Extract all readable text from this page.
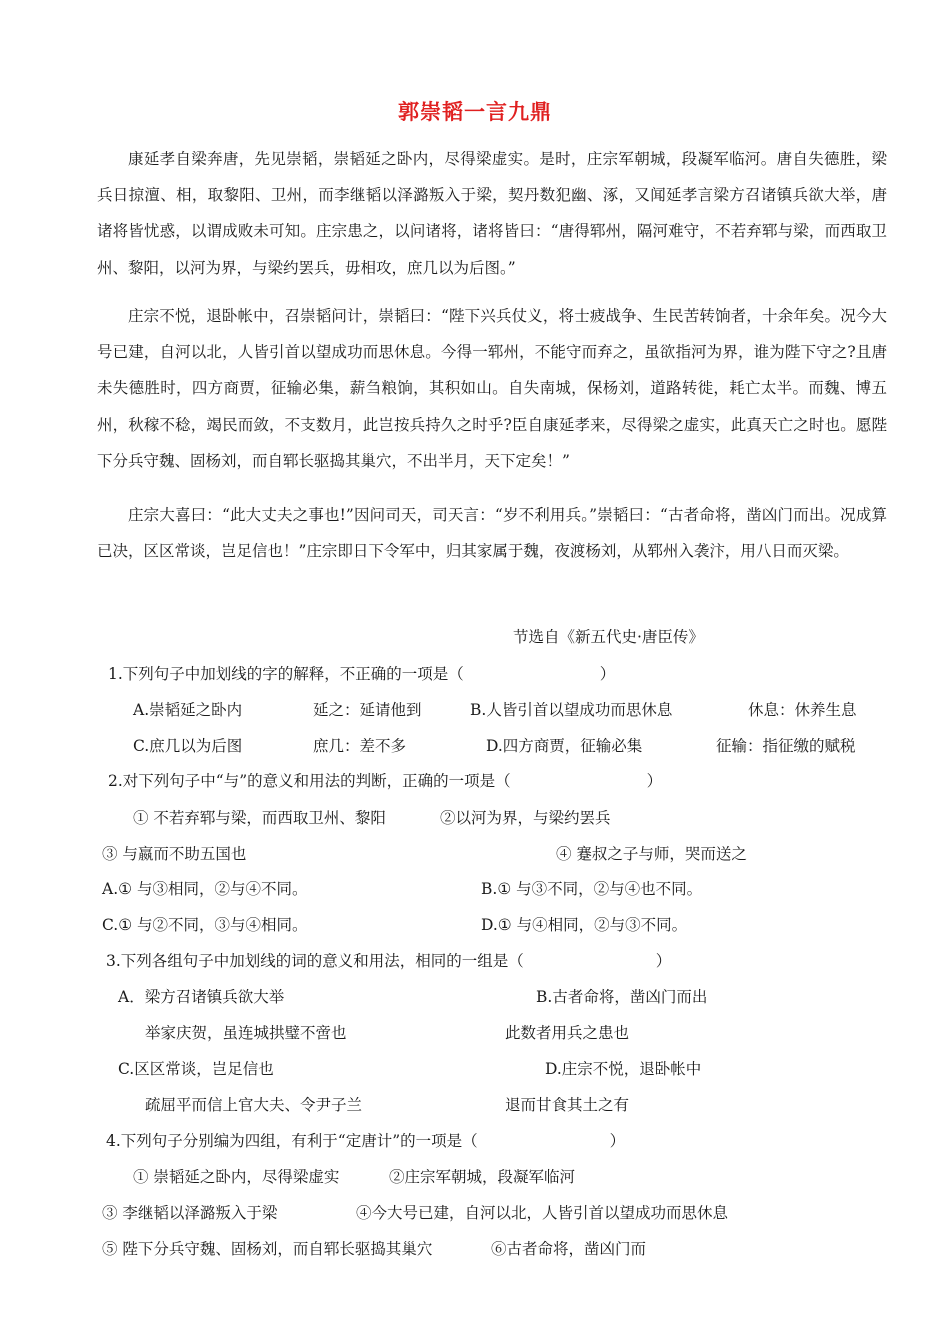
郭崇韬一言九鼎

康延孝自梁奔唐，先见崇韬，崇韬延之卧内，尽得梁虚实。是时，庄宗军朝城，段凝军临河。唐自失德胜，梁兵日掠澶、相，取黎阳、卫州，而李继韬以泽潞叛入于梁，契丹数犯幽、涿，又闻延孝言梁方召诸镇兵欲大举，唐诸将皆忧惑，以谓成败未可知。庄宗患之，以问诸将，诸将皆曰：“唐得郓州，隔河难守，不若弃郓与梁，而西取卫州、黎阳，以河为界，与梁约罢兵，毋相攻，庶几以为后图。”

庄宗不悦，退卧帐中，召崇韬问计，崇韬曰：“陛下兴兵仗义，将士疲战争、生民苦转饷者，十余年矣。况今大号已建，自河以北，人皆引首以望成功而思休息。今得一郓州，不能守而弃之，虽欲指河为界，谁为陛下守之?且唐未失德胜时，四方商贾，征输必集，薪刍粮饷，其积如山。自失南城，保杨刘，道路转徙，耗亡太半。而魏、博五州，秋稼不稔，竭民而敛，不支数月，此岂按兵持久之时乎?臣自康延孝来，尽得梁之虚实，此真天亡之时也。愿陛下分兵守魏、固杨刘，而自郓长驱捣其巢穴，不出半月，天下定矣！”

庄宗大喜曰：“此大丈夫之事也!”因问司天，司天言：“岁不利用兵。”崇韬曰：“古者命将，凿凶门而出。况成算已决，区区常谈，岂足信也！”庄宗即日下令军中，归其家属于魏，夜渡杨刘，从郓州入袭汴，用八日而灭梁。

节选自《新五代史·唐臣传》
1.下列句子中加划线的字的解释，不正确的一项是（	）
A.崇韬延之卧内	延之：延请他到	B.人皆引首以望成功而思休息	休息：休养生息
C.庶几以为后图	庶几：差不多	D.四方商贾，征输必集	征输：指征缴的赋税
2.对下列句子中“与”的意义和用法的判断，正确的一项是（	）
① 不若弃郓与梁，而西取卫州、黎阳	②以河为界，与梁约罢兵
③ 与嬴而不助五国也	④ 蹇叔之子与师，哭而送之
A.① 与③相同，②与④不同。	B.① 与③不同，②与④也不同。
C.① 与②不同，③与④相同。	D.① 与④相同，②与③不同。
3.下列各组句子中加划线的词的意义和用法，相同的一组是（	）
A．梁方召诸镇兵欲大举	B.古者命将，凿凶门而出
举家庆贺，虽连城拱璧不啻也	此数者用兵之患也
C.区区常谈，岂足信也	D.庄宗不悦，退卧帐中
疏屈平而信上官大夫、令尹子兰	退而甘食其土之有
4.下列句子分别编为四组，有利于“定唐计”的一项是（	）
① 崇韬延之卧内，尽得梁虚实	②庄宗军朝城，段凝军临河
③ 李继韬以泽潞叛入于梁	④今大号已建，自河以北，人皆引首以望成功而思休息
⑤ 陛下分兵守魏、固杨刘，而自郓长驱捣其巢穴	⑥古者命将，凿凶门而
